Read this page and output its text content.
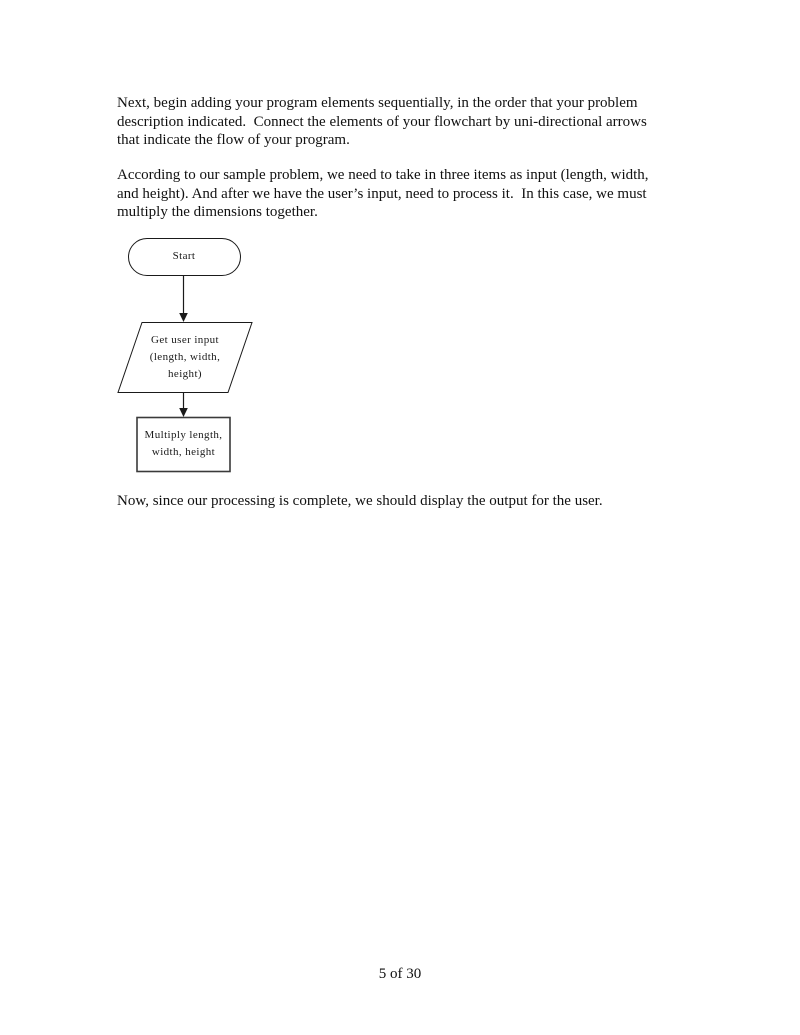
Next, begin adding your program elements sequentially, in the order that your problem
description indicated.  Connect the elements of your flowchart by uni-directional arrows
that indicate the flow of your program.
According to our sample problem, we need to take in three items as input (length, width,
and height). And after we have the user’s input, need to process it.  In this case, we must
multiply the dimensions together.
Start
Get user input
(length, width,
height)
Multiply length,
width, height
Now, since our processing is complete, we should display the output for the user.
5 of 30
